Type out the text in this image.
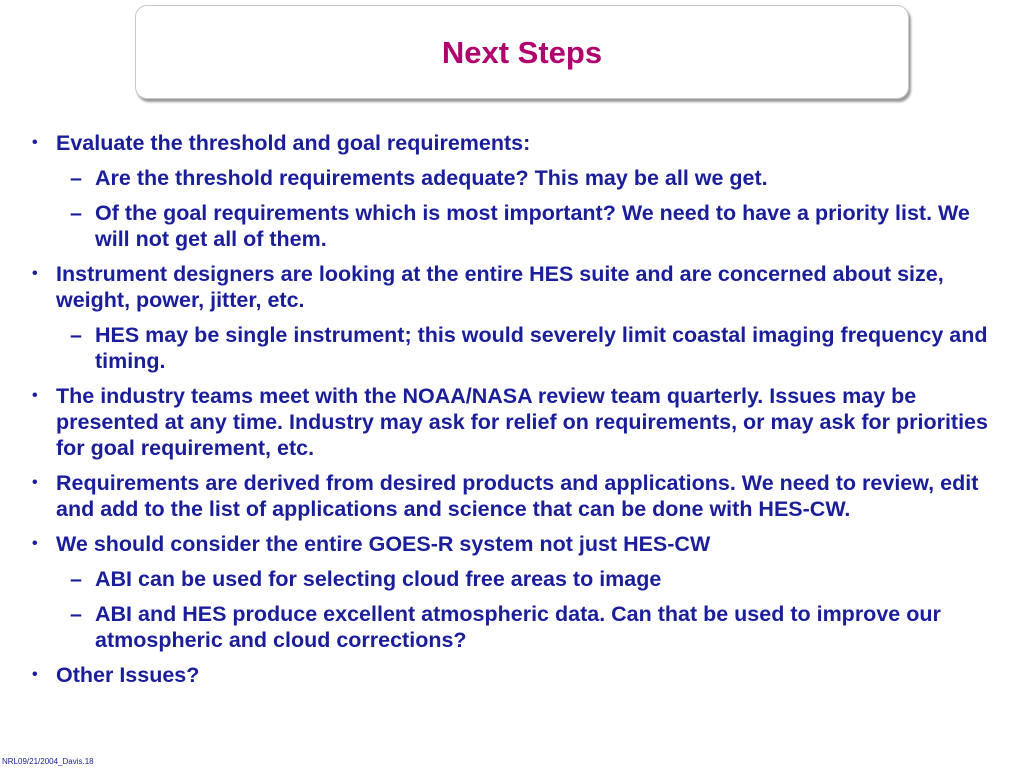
Next Steps
• Evaluate the threshold and goal requirements:
– Are the threshold requirements adequate? This may be all we get.
– Of the goal requirements which is most important? We need to have a priority list. We will not get all of them.
• Instrument designers are looking at the entire HES suite and are concerned about size, weight, power, jitter, etc.
– HES may be single instrument; this would severely limit coastal imaging frequency and timing.
• The industry teams meet with the NOAA/NASA review team quarterly. Issues may be presented at any time. Industry may ask for relief on requirements, or may ask for priorities for goal requirement, etc.
• Requirements are derived from desired products and applications. We need to review, edit and add to the list of applications and science that can be done with HES-CW.
• We should consider the entire GOES-R system not just HES-CW
– ABI can be used for selecting cloud free areas to image
– ABI and HES produce excellent atmospheric data. Can that be used to improve our atmospheric and cloud corrections?
• Other Issues?
NRL09/21/2004_Davis.18
